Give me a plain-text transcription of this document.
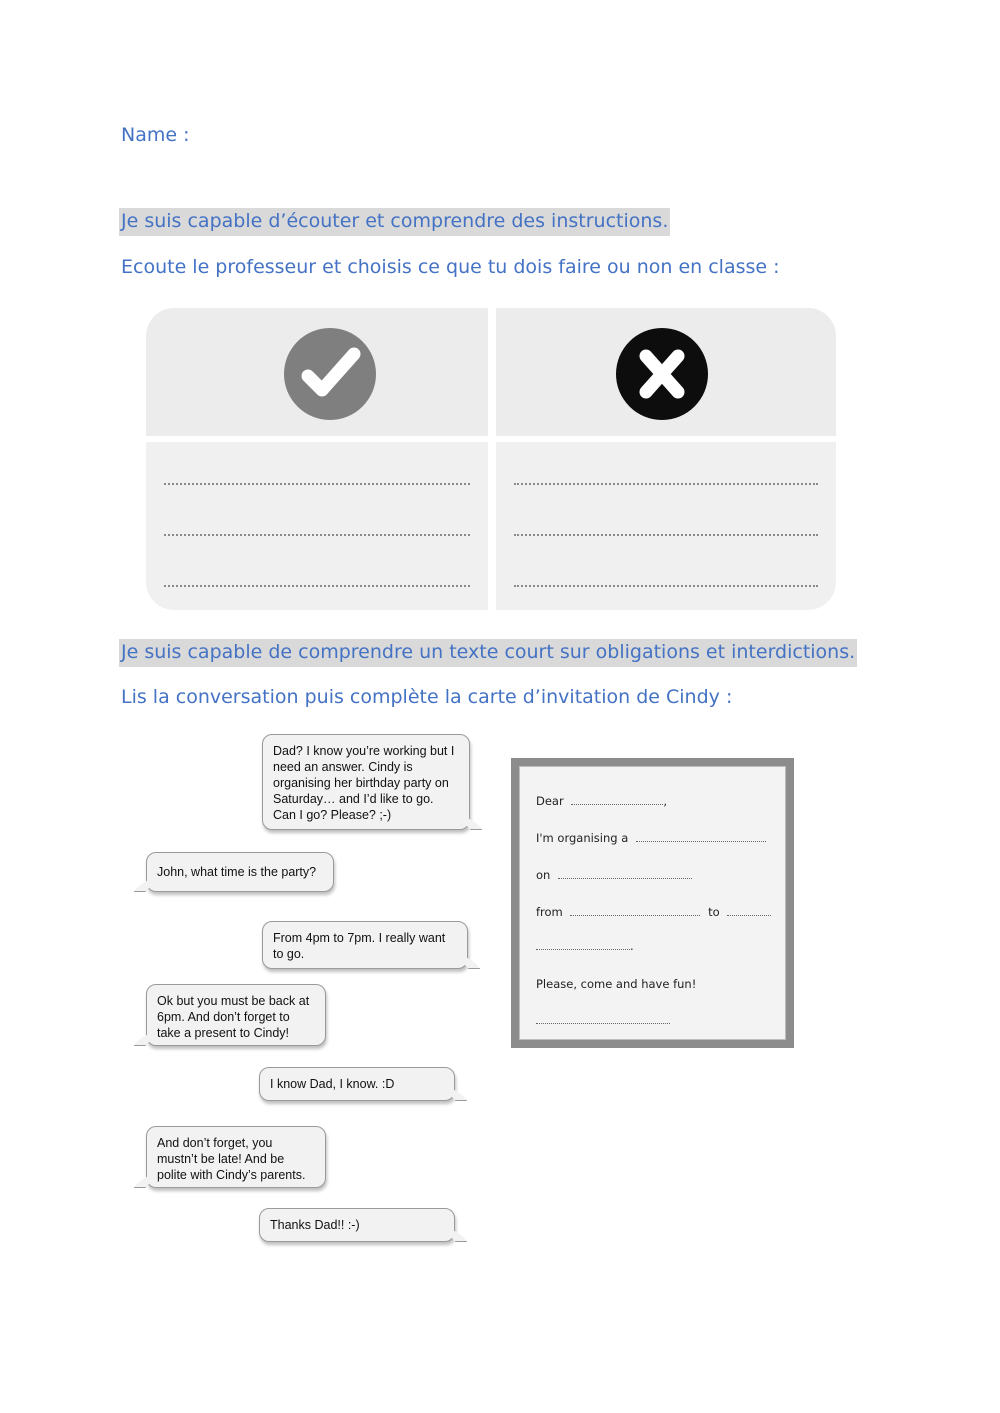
Name :
Je suis capable d’écouter et comprendre des instructions.
Ecoute le professeur et choisis ce que tu dois faire ou non en classe :
Je suis capable de comprendre un texte court sur obligations et interdictions.
Lis la conversation puis complète la carte d’invitation de Cindy :
Dad? I know you’re working but I need an answer. Cindy is organising her birthday party on Saturday… and I’d like to go. Can I go? Please? ;-)
John, what time is the party?
From 4pm to 7pm. I really want to go.
Ok but you must be back at 6pm. And don’t forget to take a present to Cindy!
I know Dad, I know. :D
And don’t forget, you mustn’t be late! And be polite with Cindy’s parents.
Thanks Dad!! :-)
Dear	,
I'm organising a
on
from	to
.
Please, come and have fun!
